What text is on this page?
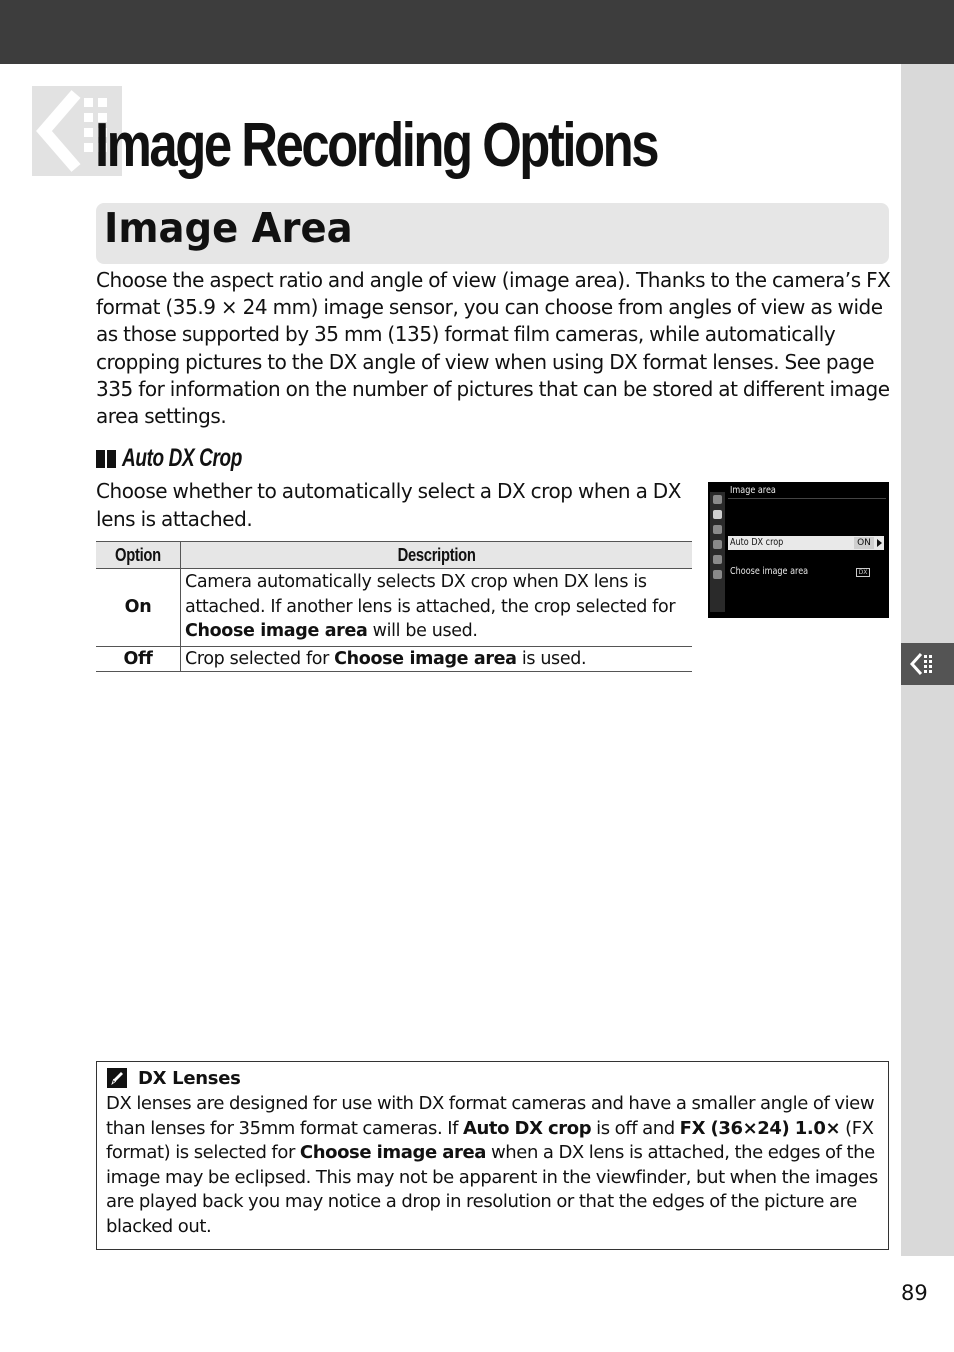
Image Recording Options
Image Area

Choose the aspect ratio and angle of view (image area). Thanks to the camera’s FX format (35.9 × 24 mm) image sensor, you can choose from angles of view as wide as those supported by 35 mm (135) format film cameras, while automatically cropping pictures to the DX angle of view when using DX format lenses. See page 335 for information on the number of pictures that can be stored at different image area settings.

Auto DX Crop

Choose whether to automatically select a DX crop when a DX lens is attached.

Option	Description
On	Camera automatically selects DX crop when DX lens is attached. If another lens is attached, the crop selected for Choose image area will be used.
Off	Crop selected for Choose image area is used.
Image area
Auto DX crop	ON
Choose image area	DX
DX Lenses

DX lenses are designed for use with DX format cameras and have a smaller angle of view than lenses for 35mm format cameras. If Auto DX crop is off and FX (36×24) 1.0× (FX format) is selected for Choose image area when a DX lens is attached, the edges of the image may be eclipsed. This may not be apparent in the viewfinder, but when the images are played back you may notice a drop in resolution or that the edges of the picture are blacked out.

89
